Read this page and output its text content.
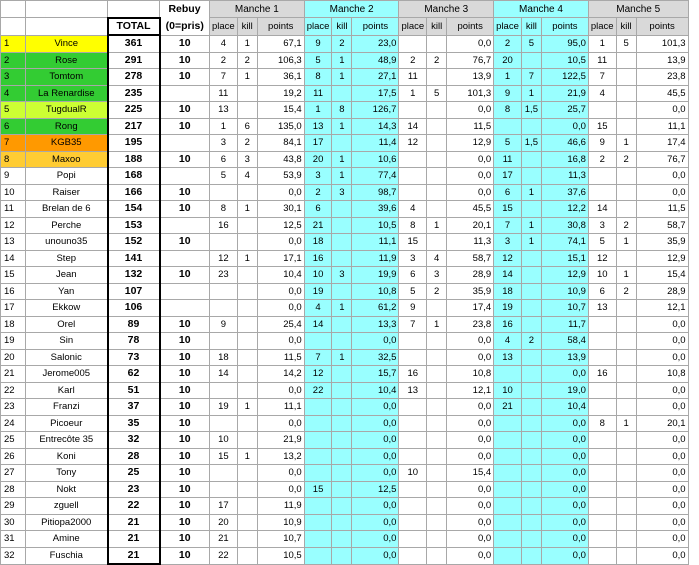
			Rebuy	Manche 1			Manche 2			Manche 3			Manche 4			Manche 5		
		TOTAL	(0=pris)	place	kill	points	place	kill	points	place	kill	points	place	kill	points	place	kill	points
1	Vince	361	10	4	1	67,1	9	2	23,0			0,0	2	5	95,0	1	5	101,3
2	Rose	291	10	2	2	106,3	5	1	48,9	2	2	76,7	20		10,5	11		13,9
3	Tomtom	278	10	7	1	36,1	8	1	27,1	11		13,9	1	7	122,5	7		23,8
4	La Renardise	235		11		19,2	11		17,5	1	5	101,3	9	1	21,9	4		45,5
5	TugdualR	225	10	13		15,4	1	8	126,7			0,0	8	1,5	25,7			0,0
6	Rong	217	10	1	6	135,0	13	1	14,3	14		11,5			0,0	15		11,1
7	KGB35	195		3	2	84,1	17		11,4	12		12,9	5	1,5	46,6	9	1	17,4
8	Maxoo	188	10	6	3	43,8	20	1	10,6			0,0	11		16,8	2	2	76,7
9	Popi	168		5	4	53,9	3	1	77,4			0,0	17		11,3			0,0
10	Raiser	166	10			0,0	2	3	98,7			0,0	6	1	37,6			0,0
11	Brelan de 6	154	10	8	1	30,1	6		39,6	4		45,5	15		12,2	14		11,5
12	Perche	153		16		12,5	21		10,5	8	1	20,1	7	1	30,8	3	2	58,7
13	unouno35	152	10			0,0	18		11,1	15		11,3	3	1	74,1	5	1	35,9
14	Step	141		12	1	17,1	16		11,9	3	4	58,7	12		15,1	12		12,9
15	Jean	132	10	23		10,4	10	3	19,9	6	3	28,9	14		12,9	10	1	15,4
16	Yan	107				0,0	19		10,8	5	2	35,9	18		10,9	6	2	28,9
17	Ekkow	106				0,0	4	1	61,2	9		17,4	19		10,7	13		12,1
18	Orel	89	10	9		25,4	14		13,3	7	1	23,8	16		11,7			0,0
19	Sin	78	10			0,0			0,0			0,0	4	2	58,4			0,0
20	Salonic	73	10	18		11,5	7	1	32,5			0,0	13		13,9			0,0
21	Jerome005	62	10	14		14,2	12		15,7	16		10,8			0,0	16		10,8
22	Karl	51	10			0,0	22		10,4	13		12,1	10		19,0			0,0
23	Franzi	37	10	19	1	11,1			0,0			0,0	21		10,4			0,0
24	Picoeur	35	10			0,0			0,0			0,0			0,0	8	1	20,1
25	Entrecôte 35	32	10	10		21,9			0,0			0,0			0,0			0,0
26	Koni	28	10	15	1	13,2			0,0			0,0			0,0			0,0
27	Tony	25	10			0,0			0,0	10		15,4			0,0			0,0
28	Nokt	23	10			0,0	15		12,5			0,0			0,0			0,0
29	zguell	22	10	17		11,9			0,0			0,0			0,0			0,0
30	Pitiopa2000	21	10	20		10,9			0,0			0,0			0,0			0,0
31	Amine	21	10	21		10,7			0,0			0,0			0,0			0,0
32	Fuschia	21	10	22		10,5			0,0			0,0			0,0			0,0
